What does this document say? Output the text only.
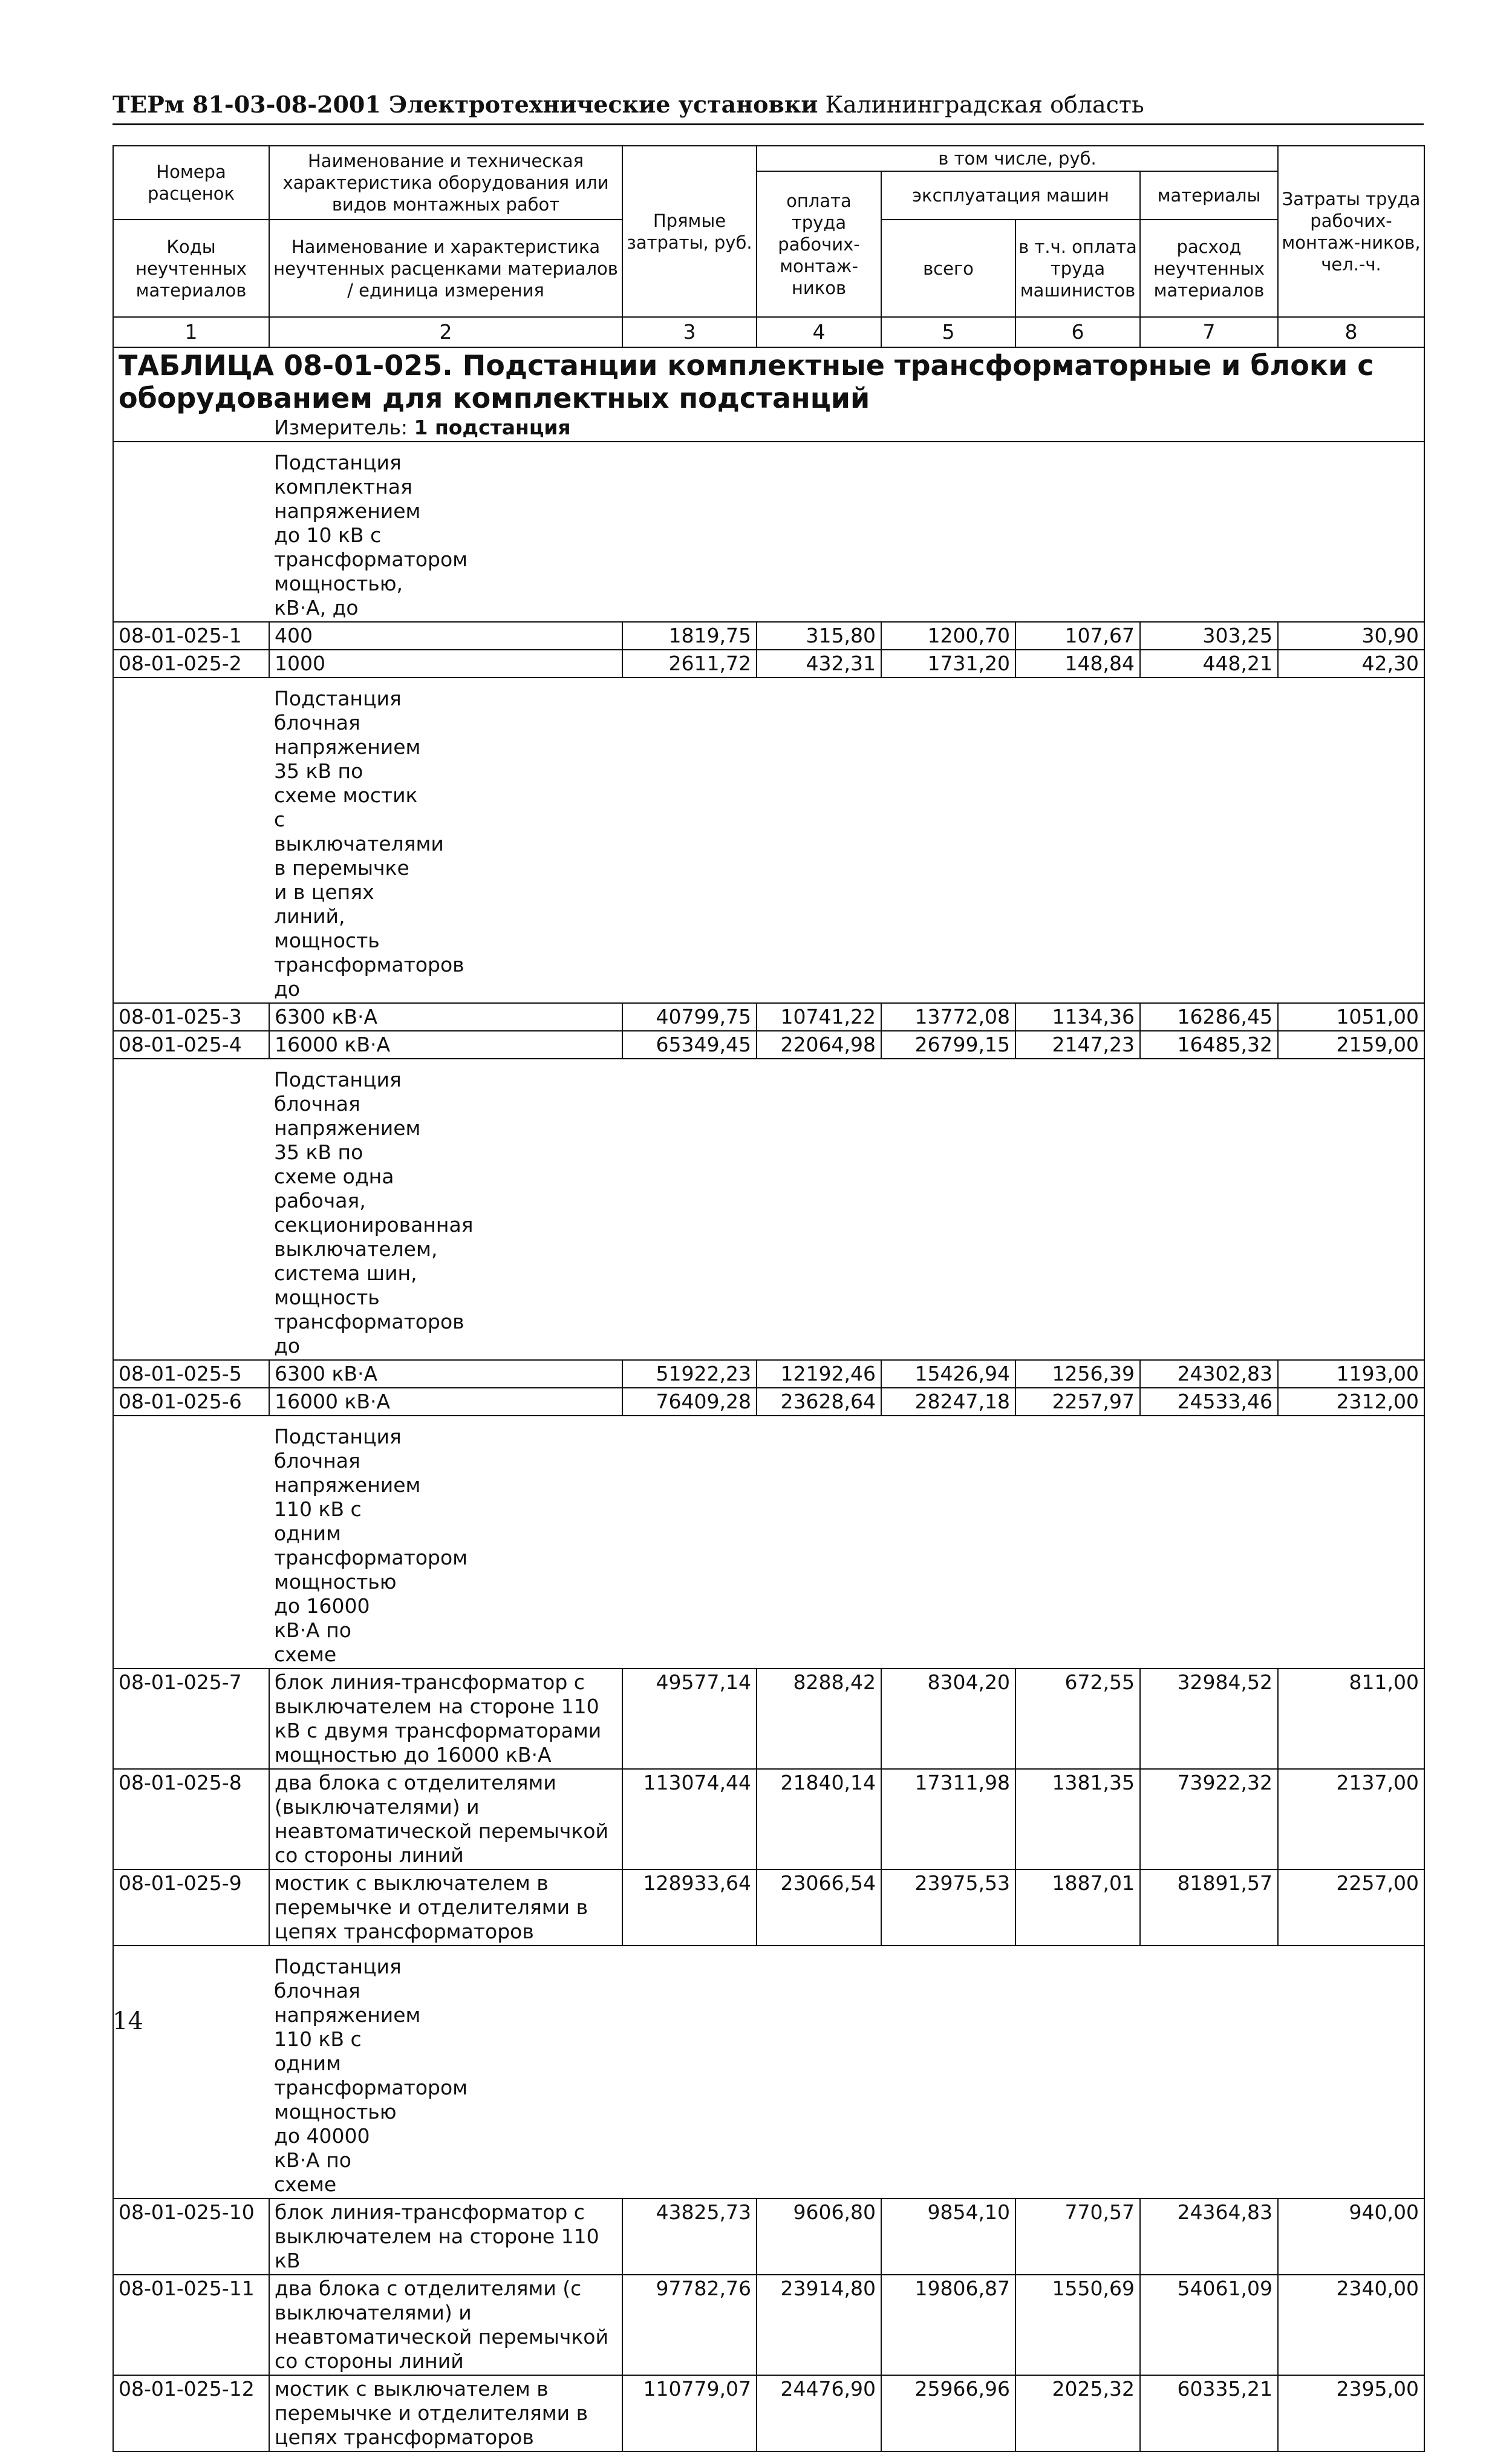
ТЕРм 81-03-08-2001 Электротехнические установки Калининградская область
Номера расценок	Наименование и техническая характеристика оборудования или видов монтажных работ	Прямые затраты, руб.	в том числе, руб.				Затраты труда рабочих-монтаж-ников, чел.-ч.
			оплата труда рабочих-монтаж-ников	эксплуатация машин		материалы	
Коды неучтенных материалов	Наименование и характеристика неучтенных расценками материалов / единица измерения			всего	в т.ч. оплата труда машинистов	расход неучтенных материалов	

1	2	3	4	5	6	7	8
ТАБЛИЦА 08-01-025. Подстанции комплектные трансформаторные и блоки с оборудованием для комплектных подстанций							
	Измеритель: 1 подстанция						
	Подстанция комплектная напряжением до 10 кВ с трансформатором мощностью, кВ·А, до						
08-01-025-1	400	1819,75	315,80	1200,70	107,67	303,25	30,90
08-01-025-2	1000	2611,72	432,31	1731,20	148,84	448,21	42,30
	Подстанция блочная напряжением 35 кВ по схеме мостик с выключателями в перемычке и в цепях линий, мощность трансформаторов до						
08-01-025-3	6300 кВ·А	40799,75	10741,22	13772,08	1134,36	16286,45	1051,00
08-01-025-4	16000 кВ·А	65349,45	22064,98	26799,15	2147,23	16485,32	2159,00
	Подстанция блочная напряжением 35 кВ по схеме одна рабочая, секционированная выключателем, система шин, мощность трансформаторов до						
08-01-025-5	6300 кВ·А	51922,23	12192,46	15426,94	1256,39	24302,83	1193,00
08-01-025-6	16000 кВ·А	76409,28	23628,64	28247,18	2257,97	24533,46	2312,00
	Подстанция блочная напряжением 110 кВ с одним трансформатором мощностью до 16000 кВ·А по схеме						
08-01-025-7	блок линия-трансформатор с выключателем на стороне 110 кВ с двумя трансформаторами мощностью до 16000 кВ·А	49577,14	8288,42	8304,20	672,55	32984,52	811,00
08-01-025-8	два блока с отделителями (выключателями) и неавтоматической перемычкой со стороны линий	113074,44	21840,14	17311,98	1381,35	73922,32	2137,00
08-01-025-9	мостик с выключателем в перемычке и отделителями в цепях трансформаторов	128933,64	23066,54	23975,53	1887,01	81891,57	2257,00
	Подстанция блочная напряжением 110 кВ с одним трансформатором мощностью до 40000 кВ·А по схеме						
08-01-025-10	блок линия-трансформатор с выключателем на стороне 110 кВ	43825,73	9606,80	9854,10	770,57	24364,83	940,00
08-01-025-11	два блока с отделителями (с выключателями) и неавтоматической перемычкой со стороны линий	97782,76	23914,80	19806,87	1550,69	54061,09	2340,00
08-01-025-12	мостик с выключателем в перемычке и отделителями в цепях трансформаторов	110779,07	24476,90	25966,96	2025,32	60335,21	2395,00
14
